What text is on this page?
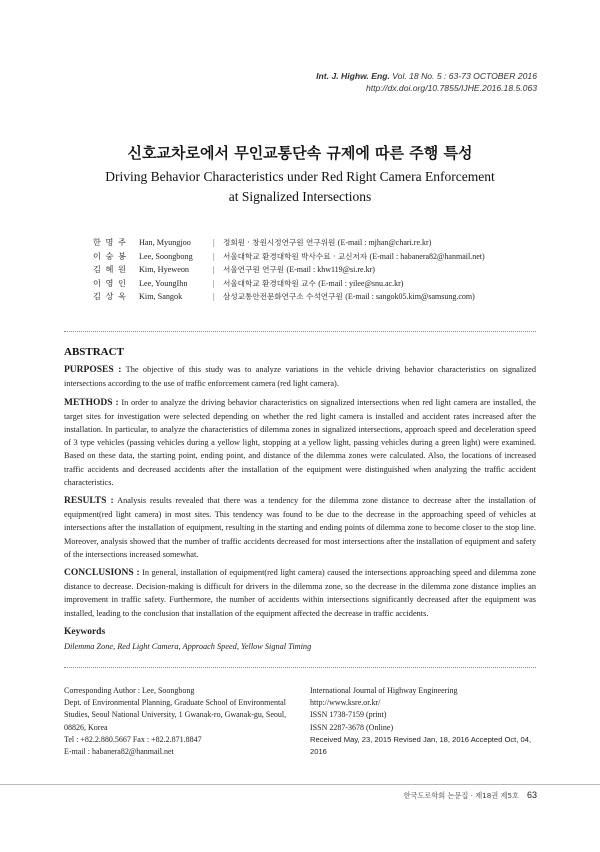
Int. J. Highw. Eng. Vol. 18 No. 5 : 63-73 OCTOBER 2016
http://dx.doi.org/10.7855/IJHE.2016.18.5.063
신호교차로에서 무인교통단속 규제에 따른 주행 특성
Driving Behavior Characteristics under Red Right Camera Enforcement
at Signalized Intersections
한 명 주	Han, Myungjoo	|	정회원 · 창원시정연구원 연구위원 (E-mail : mjhan@chari.re.kr)
이 숭 봉	Lee, Soongbong	|	서울대학교 환경대학원 박사수료 · 교신저자 (E-mail : habanera82@hanmail.net)
김 혜 원	Kim, Hyeweon	|	서울연구원 연구원 (E-mail : khw119@si.re.kr)
이 영 인	Lee, YoungIhn	|	서울대학교 환경대학원 교수 (E-mail : yilee@snu.ac.kr)
김 상 옥	Kim, Sangok	|	삼성교통안전문화연구소 수석연구원 (E-mail : sangok05.kim@samsung.com)
ABSTRACT

PURPOSES : The objective of this study was to analyze variations in the vehicle driving behavior characteristics on signalized intersections according to the use of traffic enforcement camera (red light camera).

METHODS : In order to analyze the driving behavior characteristics on signalized intersections when red light camera are installed, the target sites for investigation were selected depending on whether the red light camera is installed and accident rates increased after the installation. In particular, to analyze the characteristics of dilemma zones in signalized intersections, approach speed and deceleration speed of 3 type vehicles (passing vehicles during a yellow light, stopping at a yellow light, passing vehicles during a green light) were examined. Based on these data, the starting point, ending point, and distance of the dilemma zones were calculated. Also, the locations of increased traffic accidents and decreased accidents after the installation of the equipment were distinguished when analyzing the traffic accident characteristics.

RESULTS : Analysis results revealed that there was a tendency for the dilemma zone distance to decrease after the installation of equipment(red light camera) in most sites. This tendency was found to be due to the decrease in the approaching speed of vehicles at intersections after the installation of equipment, resulting in the starting and ending points of dilemma zone to become closer to the stop line. Moreover, analysis showed that the number of traffic accidents decreased for most intersections after the installation of equipment and safety of the intersections increased somewhat.

CONCLUSIONS : In general, installation of equipment(red light camera) caused the intersections approaching speed and dilemma zone distance to decrease. Decision-making is difficult for drivers in the dilemma zone, so the decrease in the dilemma zone distance implies an improvement in traffic safety. Furthermore, the number of accidents within intersections significantly decreased after the equipment was installed, leading to the conclusion that installation of the equipment affected the decrease in traffic accidents.

Keywords
Dilemma Zone, Red Light Camera, Approach Speed, Yellow Signal Timing
Corresponding Author : Lee, Soongbong
Dept. of Environmental Planning, Graduate School of Environmental
Studies, Seoul National University, 1 Gwanak-ro, Gwanak-gu, Seoul,
08826, Korea
Tel : +82.2.880.5667 Fax : +82.2.871.8847
E-mail : habanera82@hanmail.net
International Journal of Highway Engineering
http://www.ksre.or.kr/
ISSN 1738-7159 (print)
ISSN 2287-3678 (Online)
Received May, 23, 2015 Revised Jan, 18, 2016 Accepted Oct, 04, 2016
한국도로학회 논문집 · 제18권 제5호 63
